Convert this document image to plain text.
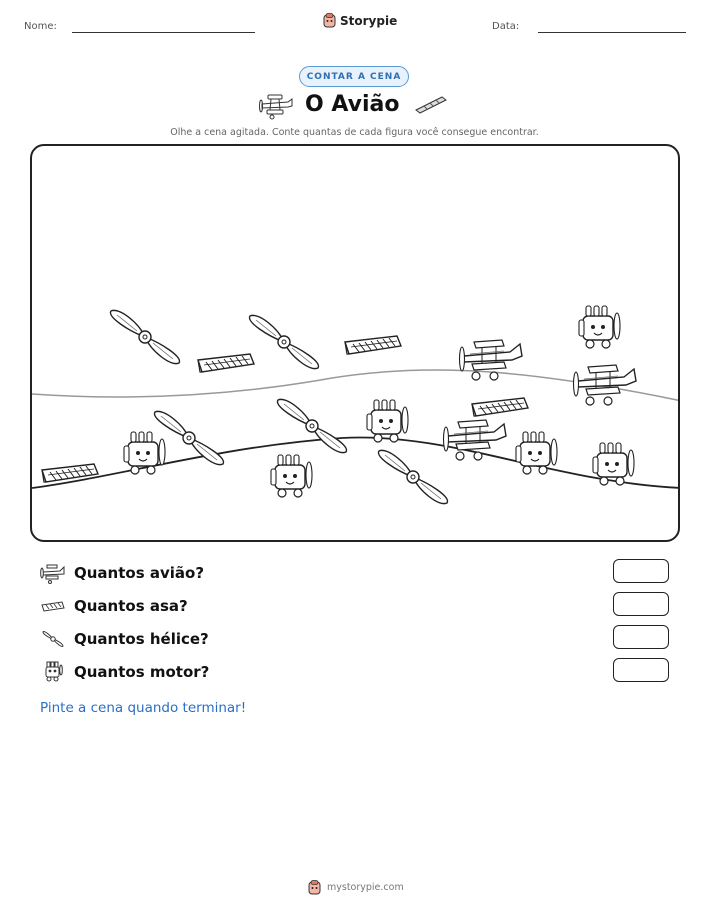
Nome:	Storypie	Data:
CONTAR A CENA
O Avião
Olhe a cena agitada. Conte quantas de cada figura você consegue encontrar.
Quantos avião?
Quantos asa?
Quantos hélice?
Quantos motor?
Pinte a cena quando terminar!
mystorypie.com
